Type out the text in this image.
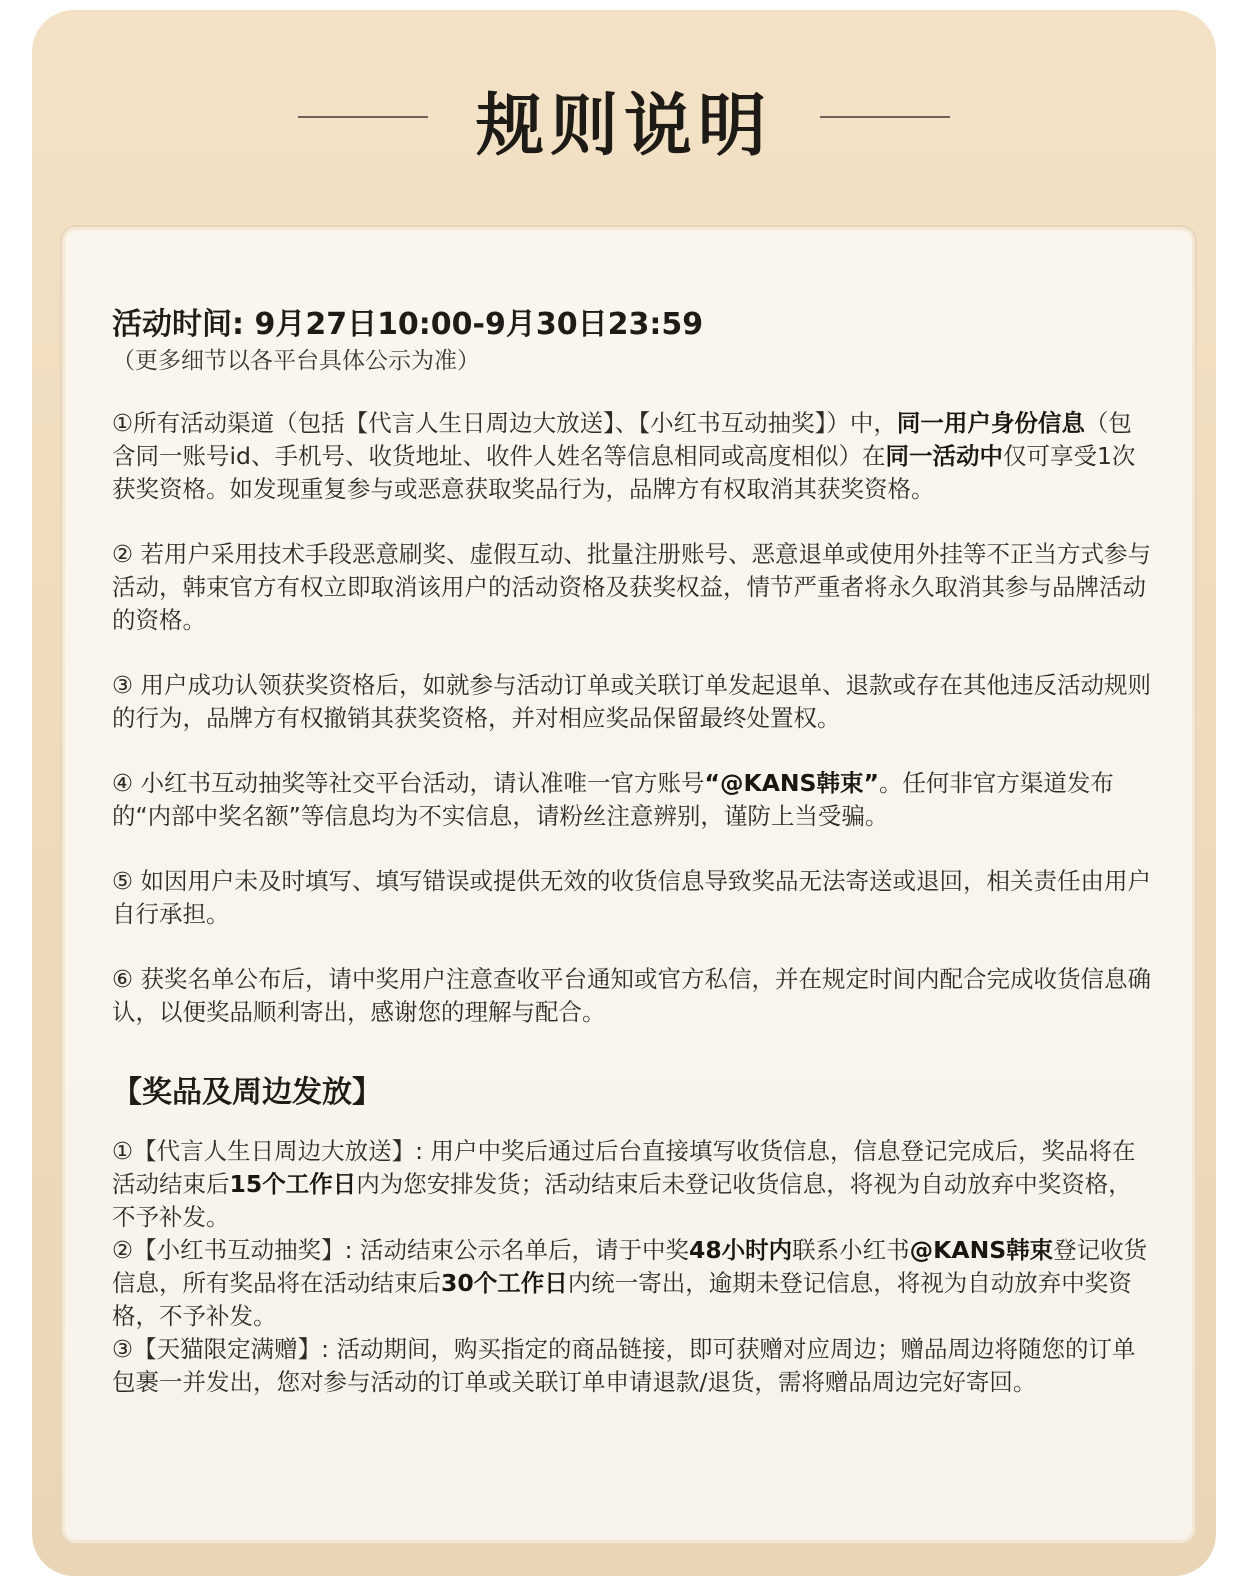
规则说明
活动时间: 9月27日10:00-9月30日23:59
（更多细节以各平台具体公示为准）

①所有活动渠道（包括【代言人生日周边大放送】、【小红书互动抽奖】）中，同一用户身份信息（包含同一账号id、手机号、收货地址、收件人姓名等信息相同或高度相似）在同一活动中仅可享受1次获奖资格。如发现重复参与或恶意获取奖品行为，品牌方有权取消其获奖资格。

② 若用户采用技术手段恶意刷奖、虚假互动、批量注册账号、恶意退单或使用外挂等不正当方式参与活动，韩束官方有权立即取消该用户的活动资格及获奖权益，情节严重者将永久取消其参与品牌活动的资格。

③ 用户成功认领获奖资格后，如就参与活动订单或关联订单发起退单、退款或存在其他违反活动规则的行为，品牌方有权撤销其获奖资格，并对相应奖品保留最终处置权。

④ 小红书互动抽奖等社交平台活动，请认准唯一官方账号“@KANS韩束”。任何非官方渠道发布的“内部中奖名额”等信息均为不实信息，请粉丝注意辨别，谨防上当受骗。

⑤ 如因用户未及时填写、填写错误或提供无效的收货信息导致奖品无法寄送或退回，相关责任由用户自行承担。

⑥ 获奖名单公布后，请中奖用户注意查收平台通知或官方私信，并在规定时间内配合完成收货信息确认，以便奖品顺利寄出，感谢您的理解与配合。

【奖品及周边发放】

①【代言人生日周边大放送】: 用户中奖后通过后台直接填写收货信息，信息登记完成后，奖品将在活动结束后15个工作日内为您安排发货；活动结束后未登记收货信息，将视为自动放弃中奖资格，不予补发。

②【小红书互动抽奖】: 活动结束公示名单后，请于中奖48小时内联系小红书@KANS韩束登记收货信息，所有奖品将在活动结束后30个工作日内统一寄出，逾期未登记信息，将视为自动放弃中奖资格，不予补发。

③【天猫限定满赠】: 活动期间，购买指定的商品链接，即可获赠对应周边；赠品周边将随您的订单包裹一并发出，您对参与活动的订单或关联订单申请退款/退货，需将赠品周边完好寄回。
